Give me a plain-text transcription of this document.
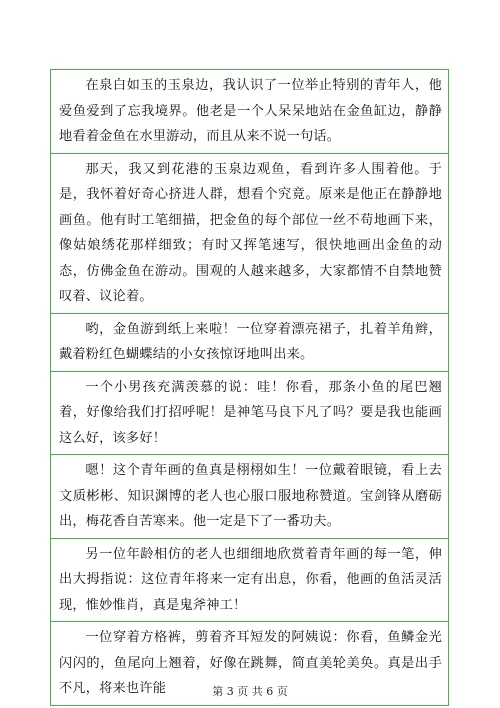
在泉白如玉的玉泉边，我认识了一位举止特别的青年人，他爱鱼爱到了忘我境界。他老是一个人呆呆地站在金鱼缸边，静静地看着金鱼在水里游动，而且从来不说一句话。
那天，我又到花港的玉泉边观鱼，看到许多人围着他。于是，我怀着好奇心挤进人群，想看个究竟。原来是他正在静静地画鱼。他有时工笔细描，把金鱼的每个部位一丝不苟地画下来，像姑娘绣花那样细致；有时又挥笔速写，很快地画出金鱼的动态，仿佛金鱼在游动。围观的人越来越多，大家都情不自禁地赞叹着、议论着。
哟，金鱼游到纸上来啦！一位穿着漂亮裙子，扎着羊角辫，戴着粉红色蝴蝶结的小女孩惊讶地叫出来。
一个小男孩充满羡慕的说：哇！你看，那条小鱼的尾巴翘着，好像给我们打招呼呢！是神笔马良下凡了吗？要是我也能画这么好，该多好！
嗯！这个青年画的鱼真是栩栩如生！一位戴着眼镜，看上去文质彬彬、知识渊博的老人也心服口服地称赞道。宝剑锋从磨砺出，梅花香自苦寒来。他一定是下了一番功夫。
另一位年龄相仿的老人也细细地欣赏着青年画的每一笔，伸出大拇指说：这位青年将来一定有出息，你看，他画的鱼活灵活现，惟妙惟肖，真是鬼斧神工！
一位穿着方格裤，剪着齐耳短发的阿姨说：你看，鱼鳞金光闪闪的，鱼尾向上翘着，好像在跳舞，简直美轮美奂。真是出手不凡，将来也许能	第 3 页 共 6 页
